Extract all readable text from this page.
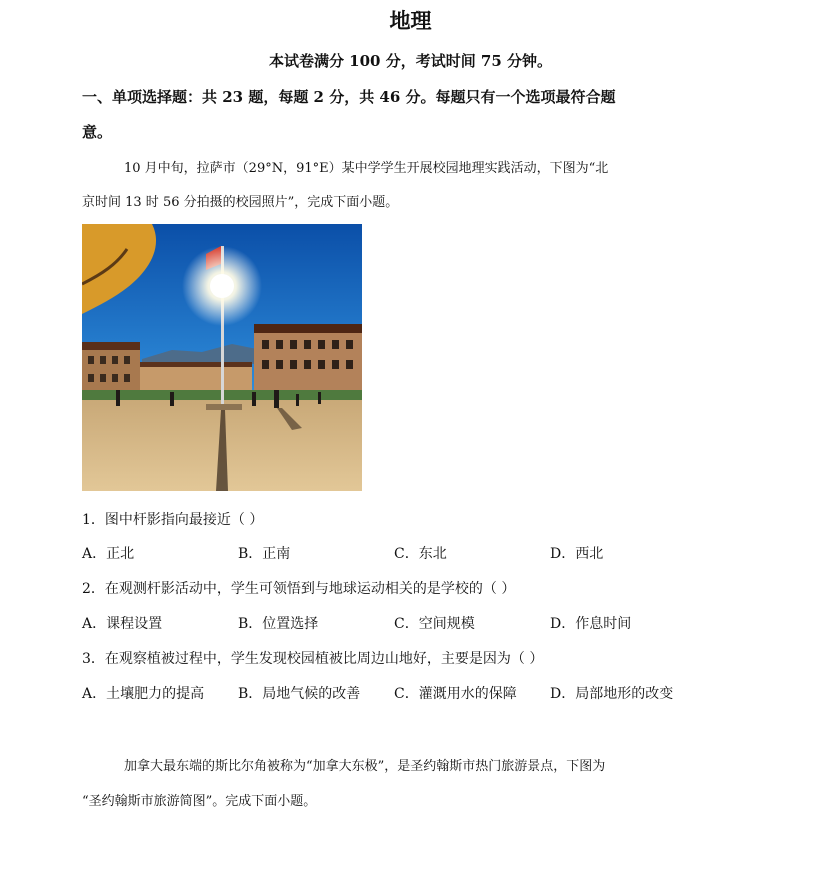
地理
本试卷满分 100 分，考试时间 75 分钟。
一、单项选择题：共 23 题，每题 2 分，共 46 分。每题只有一个选项最符合题
意。
10 月中旬，拉萨市（29°N，91°E）某中学学生开展校园地理实践活动，下图为“北
京时间 13 时 56 分拍摄的校园照片”，完成下面小题。
1．图中杆影指向最接近（ ）
A．正北	B．正南	C．东北	D．西北
2．在观测杆影活动中，学生可领悟到与地球运动相关的是学校的（ ）
A．课程设置	B．位置选择	C．空间规模	D．作息时间
3．在观察植被过程中，学生发现校园植被比周边山地好，主要是因为（ ）
A．土壤肥力的提高 B．局地气候的改善 C．灌溉用水的保障 D．局部地形的改变
加拿大最东端的斯比尔角被称为“加拿大东极”，是圣约翰斯市热门旅游景点，下图为
“圣约翰斯市旅游简图”。完成下面小题。
